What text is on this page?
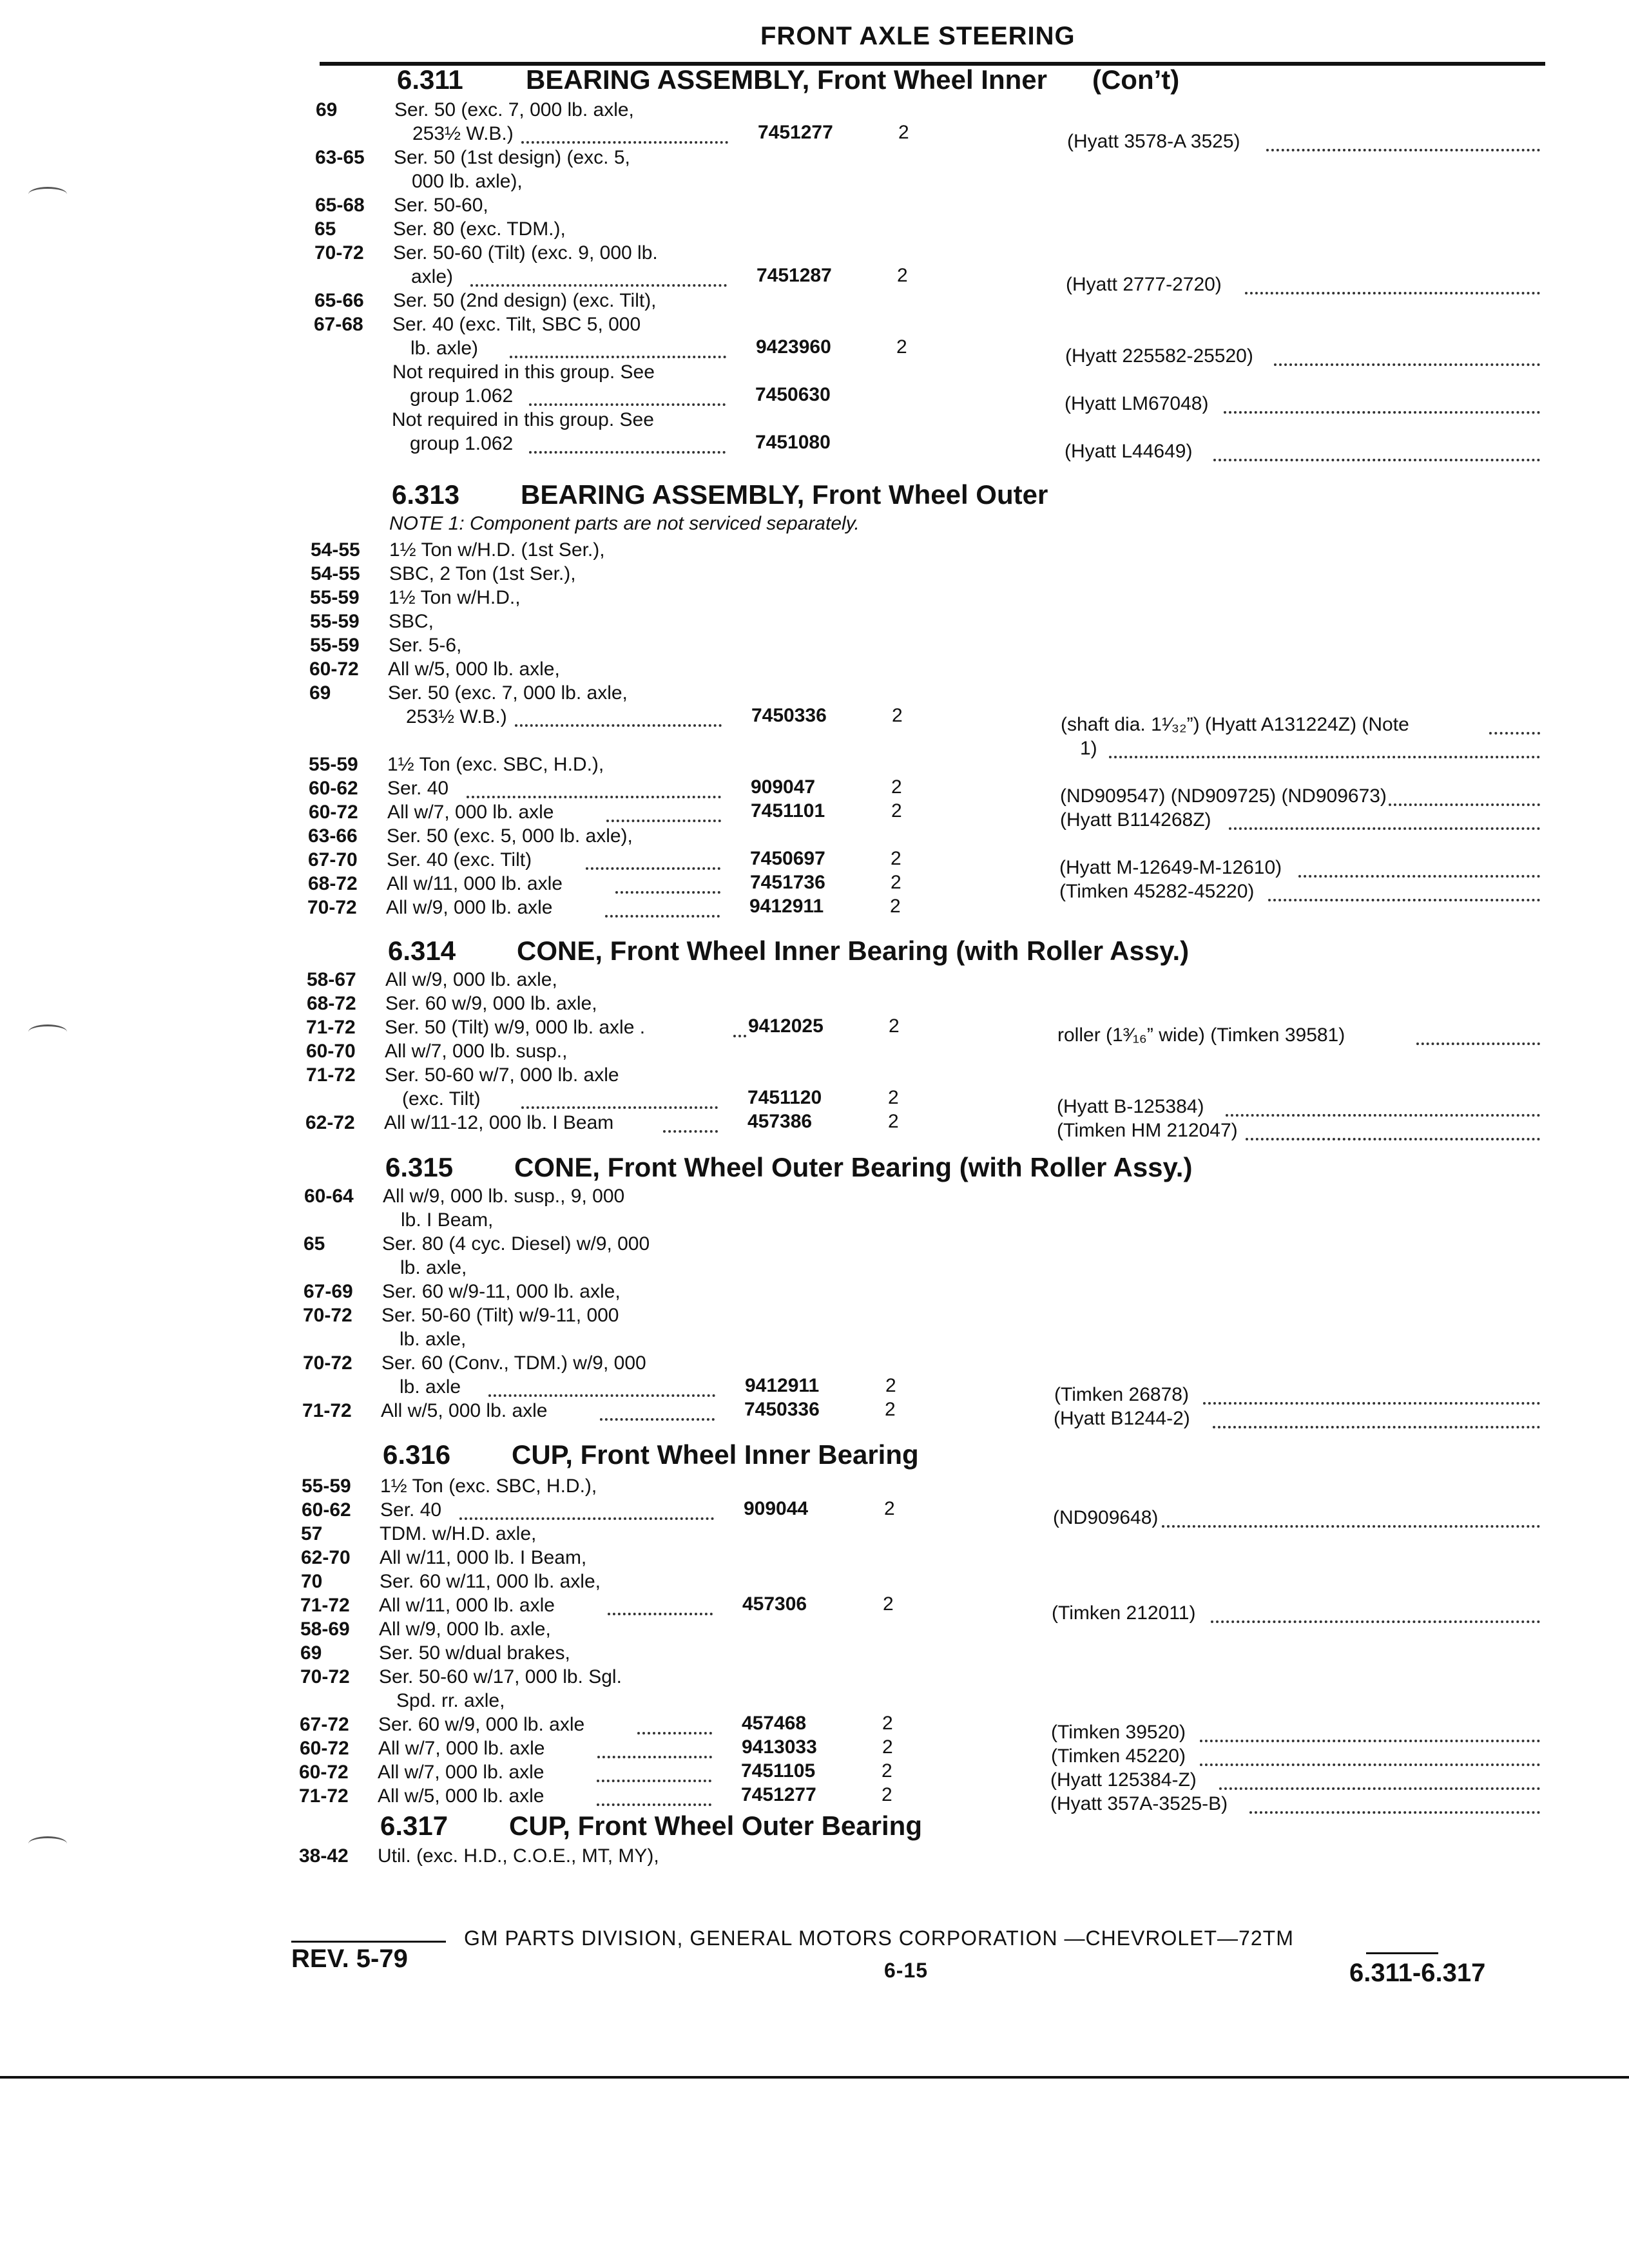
FRONT AXLE STEERING
6.311 BEARING ASSEMBLY, Front Wheel Inner (Con’t)
69	Ser. 50 (exc. 7, 000 lb. axle,
253½ W.B.)	7451277	2	(Hyatt 3578-A 3525)
63-65 Ser. 50 (1st design) (exc. 5,
000 lb. axle),
65-68 Ser. 50-60,
65	Ser. 80 (exc. TDM.),
70-72 Ser. 50-60 (Tilt) (exc. 9, 000 lb.
axle)	7451287	2	(Hyatt 2777-2720)
65-66 Ser. 50 (2nd design) (exc. Tilt),
67-68 Ser. 40 (exc. Tilt, SBC 5, 000
lb. axle)	9423960	2	(Hyatt 225582-25520)
Not required in this group. See
group 1.062	7450630	(Hyatt LM67048)
Not required in this group. See
group 1.062	7451080	(Hyatt L44649)
6.313 BEARING ASSEMBLY, Front Wheel Outer
NOTE 1: Component parts are not serviced separately.
54-55 1½ Ton w/H.D. (1st Ser.),
54-55 SBC, 2 Ton (1st Ser.),
55-59 1½ Ton w/H.D.,
55-59 SBC,
55-59 Ser. 5-6,
60-72 All w/5, 000 lb. axle,
69	Ser. 50 (exc. 7, 000 lb. axle,
253½ W.B.)	7450336	2	(shaft dia. 1¹⁄₃₂”) (Hyatt A131224Z) (Note
1)
55-59 1½ Ton (exc. SBC, H.D.),
60-62 Ser. 40	909047	2	(ND909547) (ND909725) (ND909673)
60-72 All w/7, 000 lb. axle	7451101	2	(Hyatt B114268Z)
63-66 Ser. 50 (exc. 5, 000 lb. axle),
67-70 Ser. 40 (exc. Tilt)	7450697	2	(Hyatt M-12649-M-12610)
68-72 All w/11, 000 lb. axle	7451736	2	(Timken 45282-45220)
70-72 All w/9, 000 lb. axle	9412911	2
6.314 CONE, Front Wheel Inner Bearing (with Roller Assy.)
58-67 All w/9, 000 lb. axle,
68-72 Ser. 60 w/9, 000 lb. axle,
71-72 Ser. 50 (Tilt) w/9, 000 lb. axle .	9412025	2	roller (1³⁄₁₆” wide) (Timken 39581)
60-70 All w/7, 000 lb. susp.,
71-72 Ser. 50-60 w/7, 000 lb. axle
(exc. Tilt)	7451120	2	(Hyatt B-125384)
62-72 All w/11-12, 000 lb. I Beam	457386	2	(Timken HM 212047)
6.315 CONE, Front Wheel Outer Bearing (with Roller Assy.)
60-64 All w/9, 000 lb. susp., 9, 000
lb. I Beam,
65	Ser. 80 (4 cyc. Diesel) w/9, 000
lb. axle,
67-69 Ser. 60 w/9-11, 000 lb. axle,
70-72 Ser. 50-60 (Tilt) w/9-11, 000
lb. axle,
70-72 Ser. 60 (Conv., TDM.) w/9, 000
lb. axle	9412911	2	(Timken 26878)
71-72 All w/5, 000 lb. axle	7450336	2	(Hyatt B1244-2)
6.316 CUP, Front Wheel Inner Bearing
55-59 1½ Ton (exc. SBC, H.D.),
60-62 Ser. 40	909044	2	(ND909648)
57	TDM. w/H.D. axle,
62-70 All w/11, 000 lb. I Beam,
70	Ser. 60 w/11, 000 lb. axle,
71-72 All w/11, 000 lb. axle	457306	2	(Timken 212011)
58-69 All w/9, 000 lb. axle,
69	Ser. 50 w/dual brakes,
70-72 Ser. 50-60 w/17, 000 lb. Sgl.
Spd. rr. axle,
67-72 Ser. 60 w/9, 000 lb. axle	457468	2	(Timken 39520)
60-72 All w/7, 000 lb. axle	9413033	2	(Timken 45220)
60-72 All w/7, 000 lb. axle	7451105	2	(Hyatt 125384-Z)
71-72 All w/5, 000 lb. axle	7451277	2	(Hyatt 357A-3525-B)
6.317 CUP, Front Wheel Outer Bearing
38-42 Util. (exc. H.D., C.O.E., MT, MY),
GM PARTS DIVISION, GENERAL MOTORS CORPORATION —CHEVROLET—72TM
REV. 5-79	6-15	6.311-6.317
